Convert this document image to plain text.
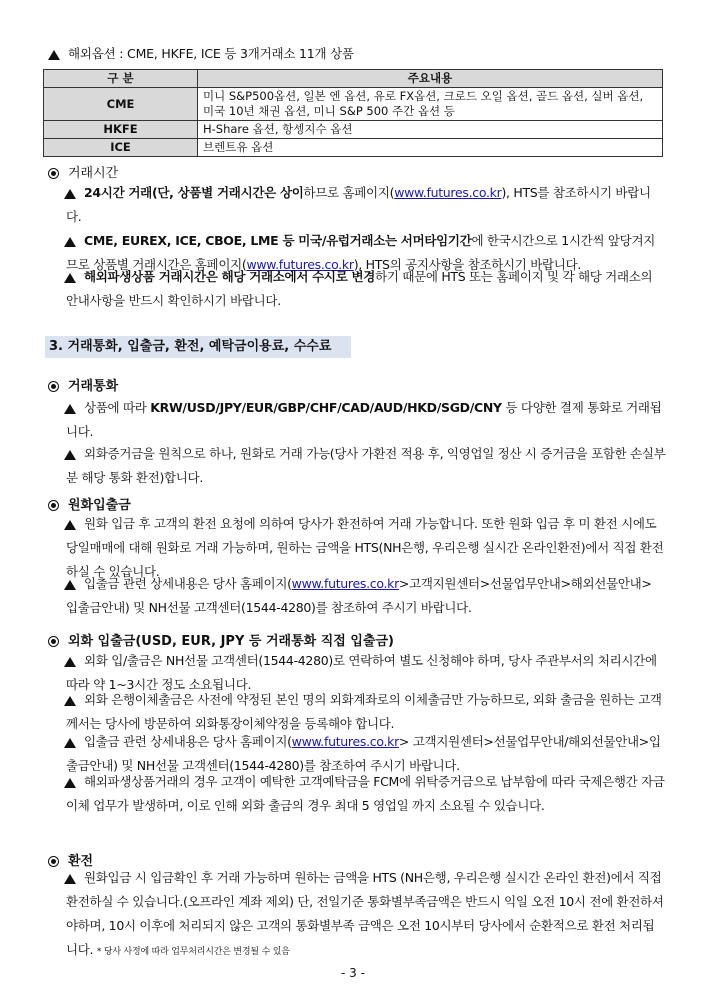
해외옵션 : CME, HKFE, ICE 등 3개거래소 11개 상품
구 분	주요내용
CME	미니 S&P500옵션, 일본 엔 옵션, 유로 FX옵션, 크로드 오일 옵션, 골드 옵션, 실버 옵션, 미국 10년 채권 옵션, 미니 S&P 500 주간 옵션 등
HKFE	H-Share 옵션, 항셍지수 옵션
ICE	브렌트유 옵션
거래시간
24시간 거래(단, 상품별 거래시간은 상이하므로 홈페이지(www.futures.co.kr), HTS를 참조하시기 바랍니다.
CME, EUREX, ICE, CBOE, LME 등 미국/유럽거래소는 서머타임기간에 한국시간으로 1시간씩 앞당겨지므로 상품별 거래시간은 홈페이지(www.futures.co.kr), HTS의 공지사항을 참조하시기 바랍니다.
해외파생상품 거래시간은 해당 거래소에서 수시로 변경하기 때문에 HTS 또는 홈페이지 및 각 해당 거래소의 안내사항을 반드시 확인하시기 바랍니다.
3. 거래통화, 입출금, 환전, 예탁금이용료, 수수료
거래통화
상품에 따라 KRW/USD/JPY/EUR/GBP/CHF/CAD/AUD/HKD/SGD/CNY 등 다양한 결제 통화로 거래됩니다.
외화증거금을 원칙으로 하나, 원화로 거래 가능(당사 가환전 적용 후, 익영업일 정산 시 증거금을 포함한 손실부분 해당 통화 환전)합니다.
원화입출금
원화 입금 후 고객의 환전 요청에 의하여 당사가 환전하여 거래 가능합니다. 또한 원화 입금 후 미 환전 시에도 당일매매에 대해 원화로 거래 가능하며, 원하는 금액을 HTS(NH은행, 우리은행 실시간 온라인환전)에서 직접 환전하실 수 있습니다.
입출금 관련 상세내용은 당사 홈페이지(www.futures.co.kr>고객지원센터>선물업무안내>해외선물안내> 입출금안내) 및 NH선물 고객센터(1544-4280)를 참조하여 주시기 바랍니다.
외화 입출금(USD, EUR, JPY 등 거래통화 직접 입출금)
외화 입/출금은 NH선물 고객센터(1544-4280)로 연락하여 별도 신청해야 하며, 당사 주관부서의 처리시간에 따라 약 1~3시간 정도 소요됩니다.
외화 은행이체출금은 사전에 약정된 본인 명의 외화계좌로의 이체출금만 가능하므로, 외화 출금을 원하는 고객께서는 당사에 방문하여 외화통장이체약정을 등록해야 합니다.
입출금 관련 상세내용은 당사 홈페이지(www.futures.co.kr> 고객지원센터>선물업무안내/해외선물안내>입출금안내) 및 NH선물 고객센터(1544-4280)를 참조하여 주시기 바랍니다.
해외파생상품거래의 경우 고객이 예탁한 고객예탁금을 FCM에 위탁증거금으로 납부함에 따라 국제은행간 자금이체 업무가 발생하며, 이로 인해 외화 출금의 경우 최대 5 영업일 까지 소요될 수 있습니다.
환전
원화입금 시 입금확인 후 거래 가능하며 원하는 금액을 HTS (NH은행, 우리은행 실시간 온라인 환전)에서 직접 환전하실 수 있습니다.(오프라인 계좌 제외) 단, 전일기준 통화별부족금액은 반드시 익일 오전 10시 전에 환전하셔야하며, 10시 이후에 처리되지 않은 고객의 통화별부족 금액은 오전 10시부터 당사에서 순환적으로 환전 처리됩니다. * 당사 사정에 따라 업무처리시간은 변경될 수 있음
- 3 -
